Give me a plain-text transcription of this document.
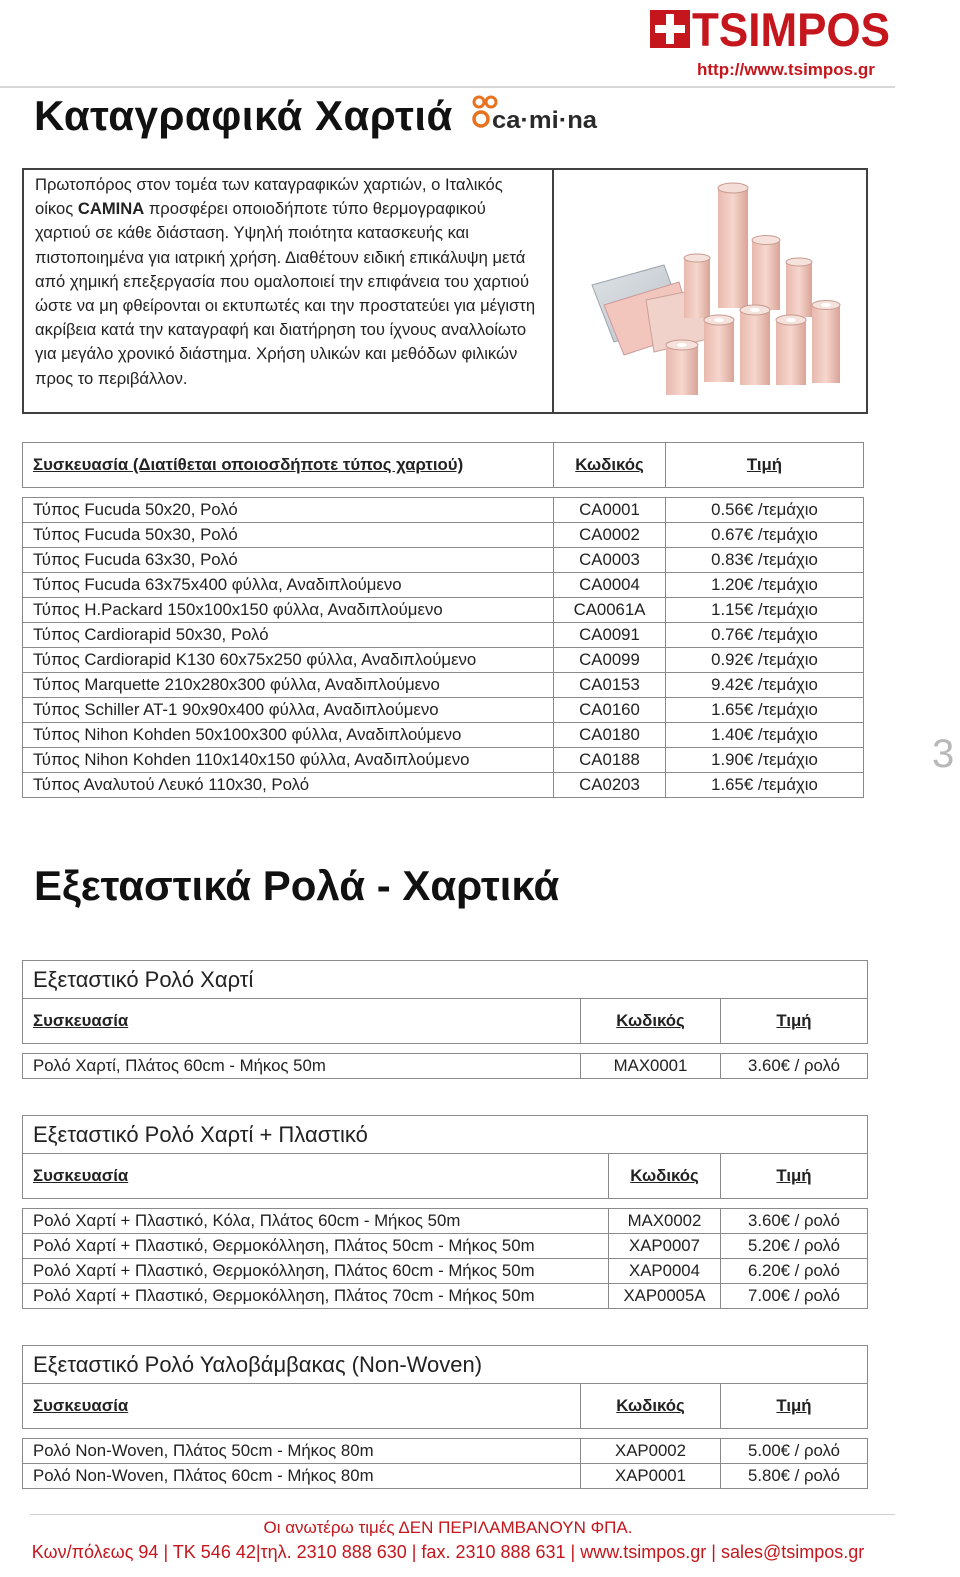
TSIMPOS
http://www.tsimpos.gr
Καταγραφικά Χαρτιά ca·mi·na
Πρωτοπόρος στον τομέα των καταγραφικών χαρτιών, ο Ιταλικός οίκος CAMINA προσφέρει οποιοδήποτε τύπο θερμογραφικού χαρτιού σε κάθε διάσταση. Υψηλή ποιότητα κατασκευής και πιστοποιημένα για ιατρική χρήση. Διαθέτουν ειδική επικάλυψη μετά από χημική επεξεργασία που ομαλοποιεί την επιφάνεια του χαρτιού ώστε να μη φθείρονται οι εκτυπωτές και την προστατεύει για μέγιστη ακρίβεια κατά την καταγραφή και διατήρηση του ίχνους αναλλοίωτο για μεγάλο χρονικό διάστημα. Χρήση υλικών και μεθόδων φιλικών προς το περιβάλλον.
Συσκευασία (Διατίθεται οποιοσδήποτε τύπος χαρτιού)	Κωδικός	Τιμή

Τύπος Fucuda 50x20, Ρολό	CA0001	0.56€ /τεμάχιο
Τύπος Fucuda 50x30, Ρολό	CA0002	0.67€ /τεμάχιο
Τύπος Fucuda 63x30, Ρολό	CA0003	0.83€ /τεμάχιο
Τύπος Fucuda 63x75x400 φύλλα, Αναδιπλούμενο	CA0004	1.20€ /τεμάχιο
Τύπος H.Packard 150x100x150 φύλλα, Αναδιπλούμενο	CA0061A	1.15€ /τεμάχιο
Τύπος Cardiorapid 50x30, Ρολό	CA0091	0.76€ /τεμάχιο
Τύπος Cardiorapid K130 60x75x250 φύλλα, Αναδιπλούμενο	CA0099	0.92€ /τεμάχιο
Τύπος Marquette 210x280x300 φύλλα, Αναδιπλούμενο	CA0153	9.42€ /τεμάχιο
Τύπος Schiller AT-1 90x90x400 φύλλα, Αναδιπλούμενο	CA0160	1.65€ /τεμάχιο
Τύπος Nihon Kohden 50x100x300 φύλλα, Αναδιπλούμενο	CA0180	1.40€ /τεμάχιο
Τύπος Nihon Kohden 110x140x150 φύλλα, Αναδιπλούμενο	CA0188	1.90€ /τεμάχιο
Τύπος Αναλυτού Λευκό 110x30, Ρολό	CA0203	1.65€ /τεμάχιο
3
Εξεταστικά Ρολά - Χαρτικά
Εξεταστικό Ρολό Χαρτί		
Συσκευασία	Κωδικός	Τιμή

Ρολό Χαρτί, Πλάτος 60cm - Μήκος 50m	MAX0001	3.60€ / ρολό
Εξεταστικό Ρολό Χαρτί + Πλαστικό		
Συσκευασία	Κωδικός	Τιμή

Ρολό Χαρτί + Πλαστικό, Κόλα, Πλάτος 60cm - Μήκος 50m	MAX0002	3.60€ / ρολό
Ρολό Χαρτί + Πλαστικό, Θερμοκόλληση, Πλάτος 50cm - Μήκος 50m	XAP0007	5.20€ / ρολό
Ρολό Χαρτί + Πλαστικό, Θερμοκόλληση, Πλάτος 60cm - Μήκος 50m	XAP0004	6.20€ / ρολό
Ρολό Χαρτί + Πλαστικό, Θερμοκόλληση, Πλάτος 70cm - Μήκος 50m	XAP0005A	7.00€ / ρολό
Εξεταστικό Ρολό Υαλοβάμβακας (Non-Woven)		
Συσκευασία	Κωδικός	Τιμή

Ρολό Non-Woven, Πλάτος 50cm - Μήκος 80m	XAP0002	5.00€ / ρολό
Ρολό Non-Woven, Πλάτος 60cm - Μήκος 80m	XAP0001	5.80€ / ρολό
Οι ανωτέρω τιμές ΔΕΝ ΠΕΡΙΛΑΜΒΑΝΟΥΝ ΦΠΑ.
Κων/πόλεως 94 | ΤΚ 546 42|τηλ. 2310 888 630 | fax. 2310 888 631 | www.tsimpos.gr | sales@tsimpos.gr
